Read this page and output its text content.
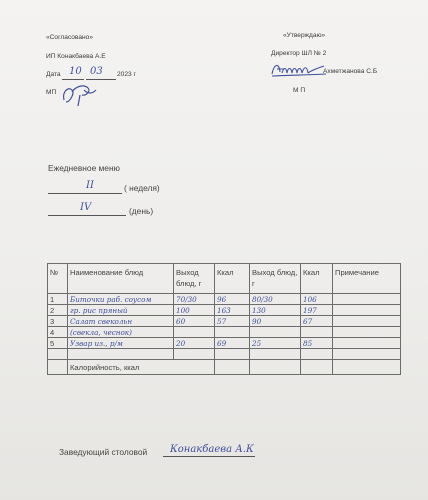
«Согласовано»
ИП Конакбаева А.Е
Дата 10 03 2023 г
МП
«Утверждаю»
Директор ШЛ № 2
Ахметжанова С.Б
М П
Ежедневное меню
II	( неделя)
IV	(день)
№	Наименование блюд	Выход блюд, г	Ккал	Выход блюд, г	Ккал	Примечание
1	Биточки раб. соусом	70/30	96	80/30	106	
2	гр. рис пряный	100	163	130	197	
3	Салат свекольн	60	57	90	67	
4	(свекла, чеснок)					
5	Узвар из., р/м	20	69	25	85	

	Калорийность, ккал					
Заведующий столовой Конакбаева А.К
